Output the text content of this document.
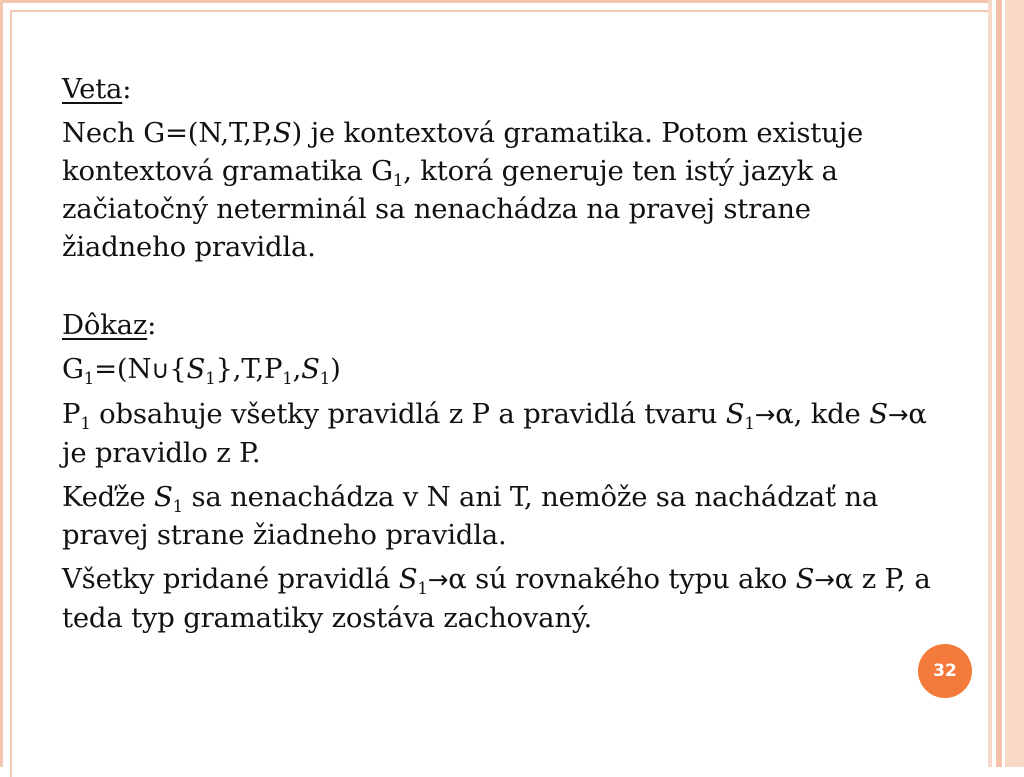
Veta:

Nech G=(N,T,P,S) je kontextová gramatika. Potom existuje kontextová gramatika $G_1$, ktorá generuje ten istý jazyk a začiatočný neterminál sa nenachádza na pravej strane žiadneho pravidla.

Dôkaz:

$G_1=(N\cup\{S_1\},T,P_1,S_1)$

$P_1$ obsahuje všetky pravidlá z P a pravidlá tvaru $S_1\to\alpha$, kde S→α je pravidlo z P.

Keďže $S_1$ sa nenachádza v N ani T, nemôže sa nachádzať na pravej strane žiadneho pravidla.

Všetky pridané pravidlá $S_1\to\alpha$ sú rovnakého typu ako S→α z P, a teda typ gramatiky zostáva zachovaný.

32
